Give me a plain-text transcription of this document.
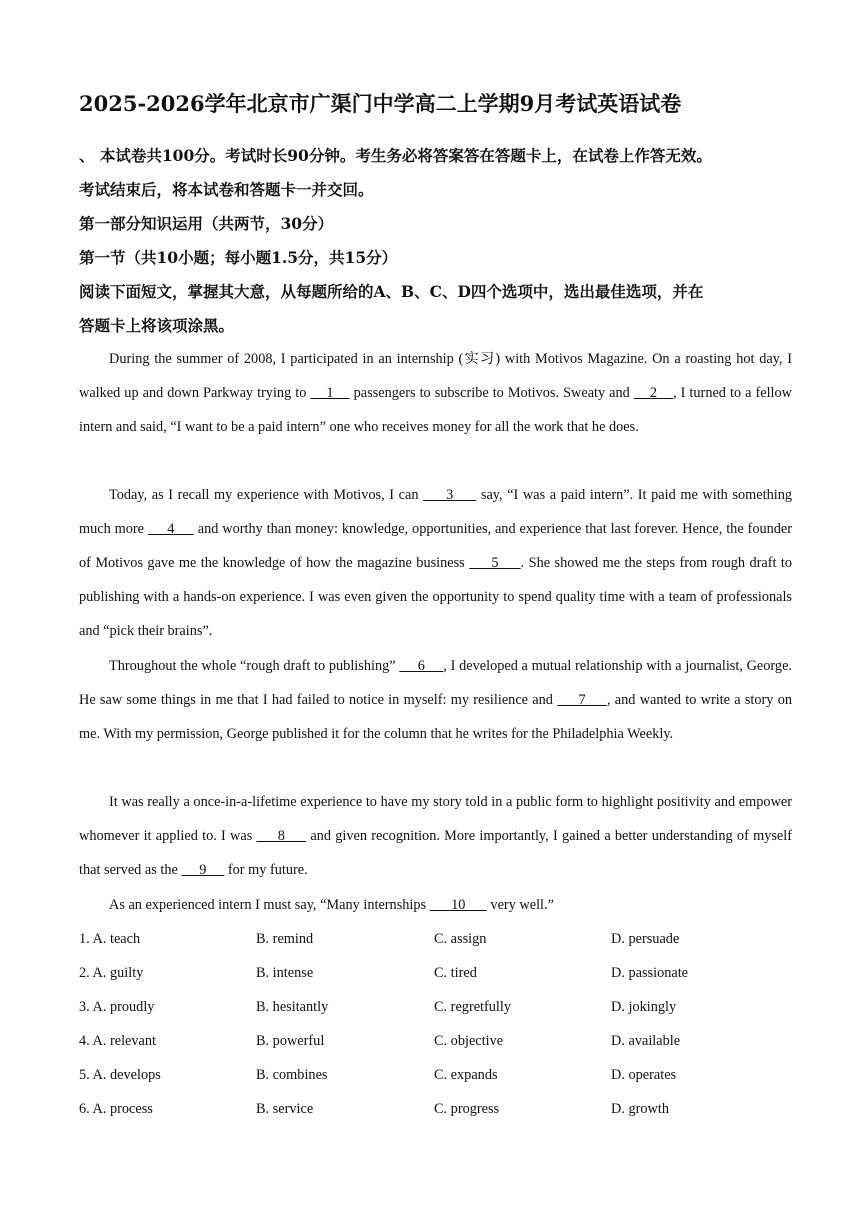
2025-2026学年北京市广渠门中学高二上学期9月考试英语试卷
、 本试卷共100分。考试时长90分钟。考生务必将答案答在答题卡上，在试卷上作答无效。
考试结束后，将本试卷和答题卡一并交回。
第一部分知识运用（共两节，30分）
第一节（共10小题；每小题1.5分，共15分）
阅读下面短文，掌握其大意，从每题所给的A、B、C、D四个选项中，选出最佳选项，并在
答题卡上将该项涂黑。

During the summer of 2008, I participated in an internship (实习) with Motivos Magazine. On a roasting hot day, I walked up and down Parkway trying to     1     passengers to subscribe to Motivos. Sweaty and     2    , I turned to a fellow intern and said, “I want to be a paid intern” one who receives money for all the work that he does.

Today, as I recall my experience with Motivos, I can      3      say, “I was a paid intern”. It paid me with something much more      4      and worthy than money: knowledge, opportunities, and experience that last forever. Hence, the founder of Motivos gave me the knowledge of how the magazine business      5     . She showed me the steps from rough draft to publishing with a hands-on experience. I was even given the opportunity to spend quality time with a team of professionals and “pick their brains”.

Throughout the whole “rough draft to publishing”      6     , I developed a mutual relationship with a journalist, George. He saw some things in me that I had failed to notice in myself: my resilience and      7     , and wanted to write a story on me. With my permission, George published it for the column that he writes for the Philadelphia Weekly.

It was really a once-in-a-lifetime experience to have my story told in a public form to highlight positivity and empower whomever it applied to. I was      8      and given recognition. More importantly, I gained a better understanding of myself that served as the      9      for my future.

As an experienced intern I must say, “Many internships       10       very well.”

1. A. teach	B. remind	C. assign	D. persuade
2. A. guilty	B. intense	C. tired	D. passionate
3. A. proudly	B. hesitantly	C. regretfully	D. jokingly
4. A. relevant	B. powerful	C. objective	D. available
5. A. develops	B. combines	C. expands	D. operates
6. A. process	B. service	C. progress	D. growth
